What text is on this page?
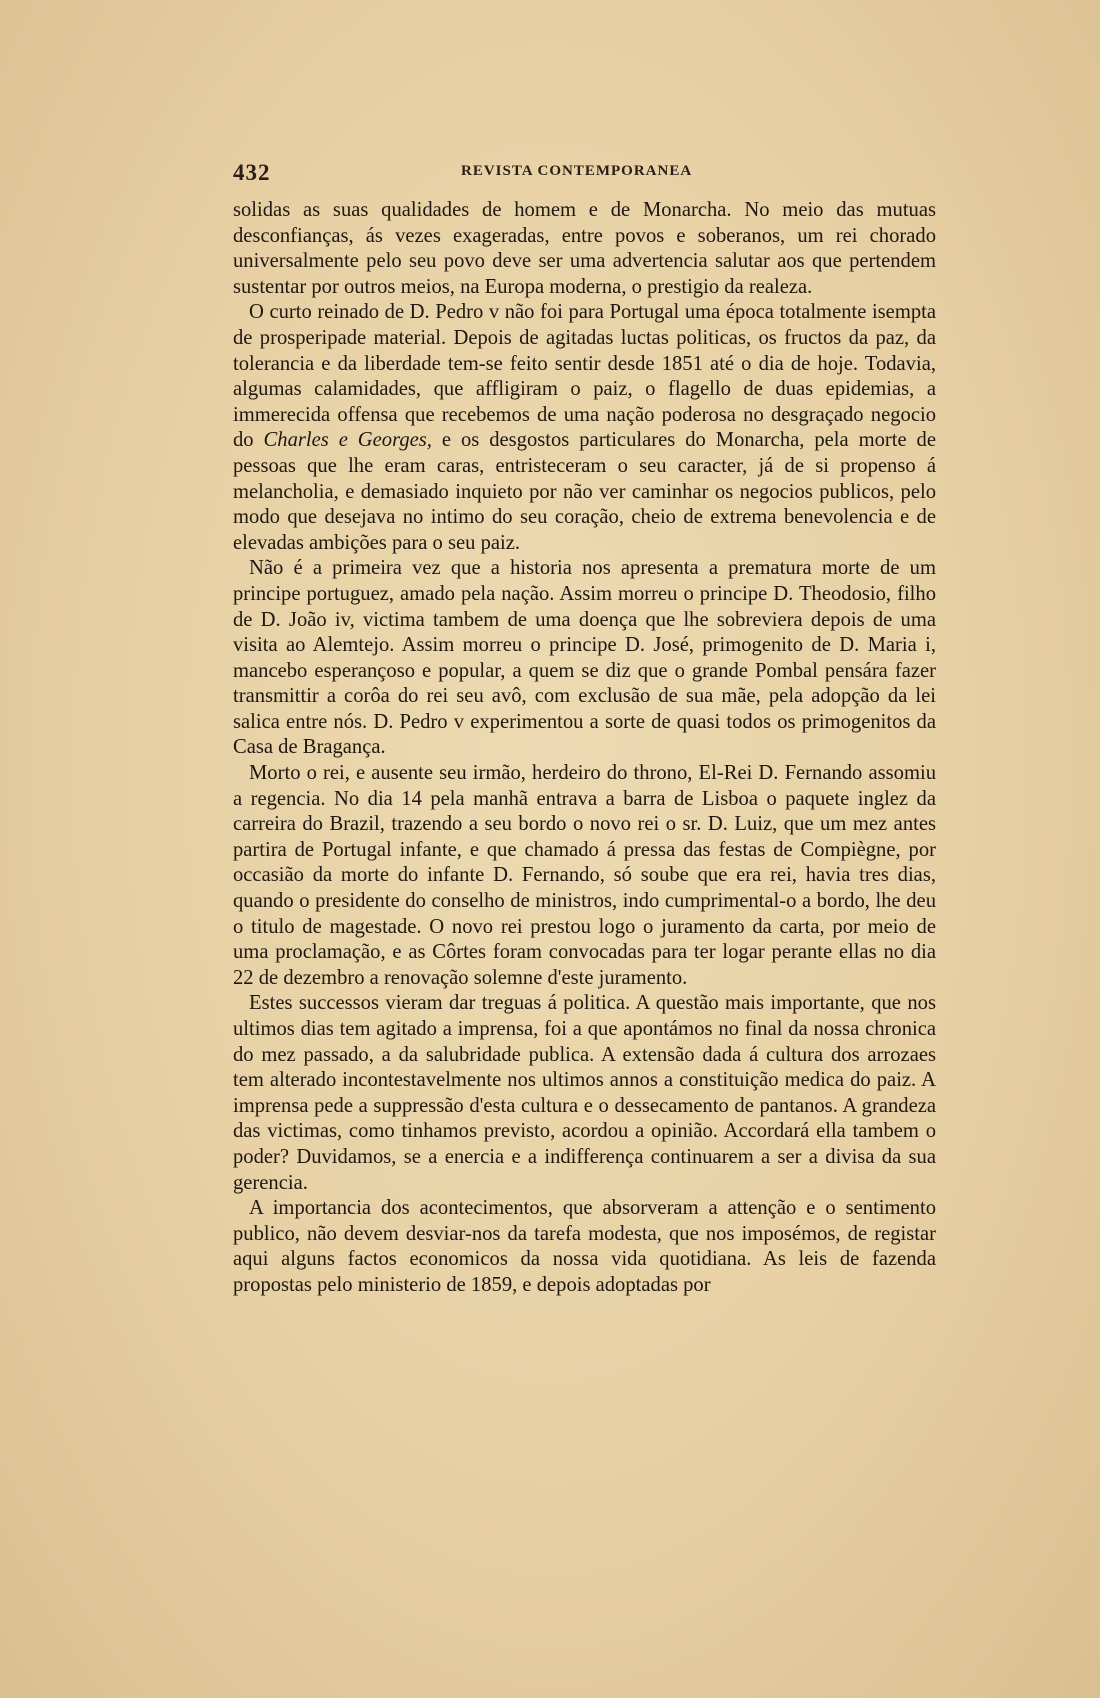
432	REVISTA CONTEMPORANEA

solidas as suas qualidades de homem e de Monarcha. No meio das mutuas desconfianças, ás vezes exageradas, entre povos e soberanos, um rei chorado universalmente pelo seu povo deve ser uma advertencia salutar aos que pertendem sustentar por outros meios, na Europa moderna, o prestigio da realeza.

O curto reinado de D. Pedro v não foi para Portugal uma época totalmente isempta de prosperipade material. Depois de agitadas luctas politicas, os fructos da paz, da tolerancia e da liberdade tem-se feito sentir desde 1851 até o dia de hoje. Todavia, algumas calamidades, que affligiram o paiz, o flagello de duas epidemias, a immerecida offensa que recebemos de uma nação poderosa no desgraçado negocio do Charles e Georges, e os desgostos particulares do Monarcha, pela morte de pessoas que lhe eram caras, entristeceram o seu caracter, já de si propenso á melancholia, e demasiado inquieto por não ver caminhar os negocios publicos, pelo modo que desejava no intimo do seu coração, cheio de extrema benevolencia e de elevadas ambições para o seu paiz.

Não é a primeira vez que a historia nos apresenta a prematura morte de um principe portuguez, amado pela nação. Assim morreu o principe D. Theodosio, filho de D. João iv, victima tambem de uma doença que lhe sobreviera depois de uma visita ao Alemtejo. Assim morreu o principe D. José, primogenito de D. Maria i, mancebo esperançoso e popular, a quem se diz que o grande Pombal pensára fazer transmittir a corôa do rei seu avô, com exclusão de sua mãe, pela adopção da lei salica entre nós. D. Pedro v experimentou a sorte de quasi todos os primogenitos da Casa de Bragança.

Morto o rei, e ausente seu irmão, herdeiro do throno, El-Rei D. Fernando assomiu a regencia. No dia 14 pela manhã entrava a barra de Lisboa o paquete inglez da carreira do Brazil, trazendo a seu bordo o novo rei o sr. D. Luiz, que um mez antes partira de Portugal infante, e que chamado á pressa das festas de Compiègne, por occasião da morte do infante D. Fernando, só soube que era rei, havia tres dias, quando o presidente do conselho de ministros, indo cumprimental-o a bordo, lhe deu o titulo de magestade. O novo rei prestou logo o juramento da carta, por meio de uma proclamação, e as Côrtes foram convocadas para ter logar perante ellas no dia 22 de dezembro a renovação solemne d'este juramento.

Estes successos vieram dar treguas á politica. A questão mais importante, que nos ultimos dias tem agitado a imprensa, foi a que apontámos no final da nossa chronica do mez passado, a da salubridade publica. A extensão dada á cultura dos arrozaes tem alterado incontestavelmente nos ultimos annos a constituição medica do paiz. A imprensa pede a suppressão d'esta cultura e o dessecamento de pantanos. A grandeza das victimas, como tinhamos previsto, acordou a opinião. Accordará ella tambem o poder? Duvidamos, se a enercia e a indifferença continuarem a ser a divisa da sua gerencia.

A importancia dos acontecimentos, que absorveram a attenção e o sentimento publico, não devem desviar-nos da tarefa modesta, que nos imposémos, de registar aqui alguns factos economicos da nossa vida quotidiana. As leis de fazenda propostas pelo ministerio de 1859, e depois adoptadas por
